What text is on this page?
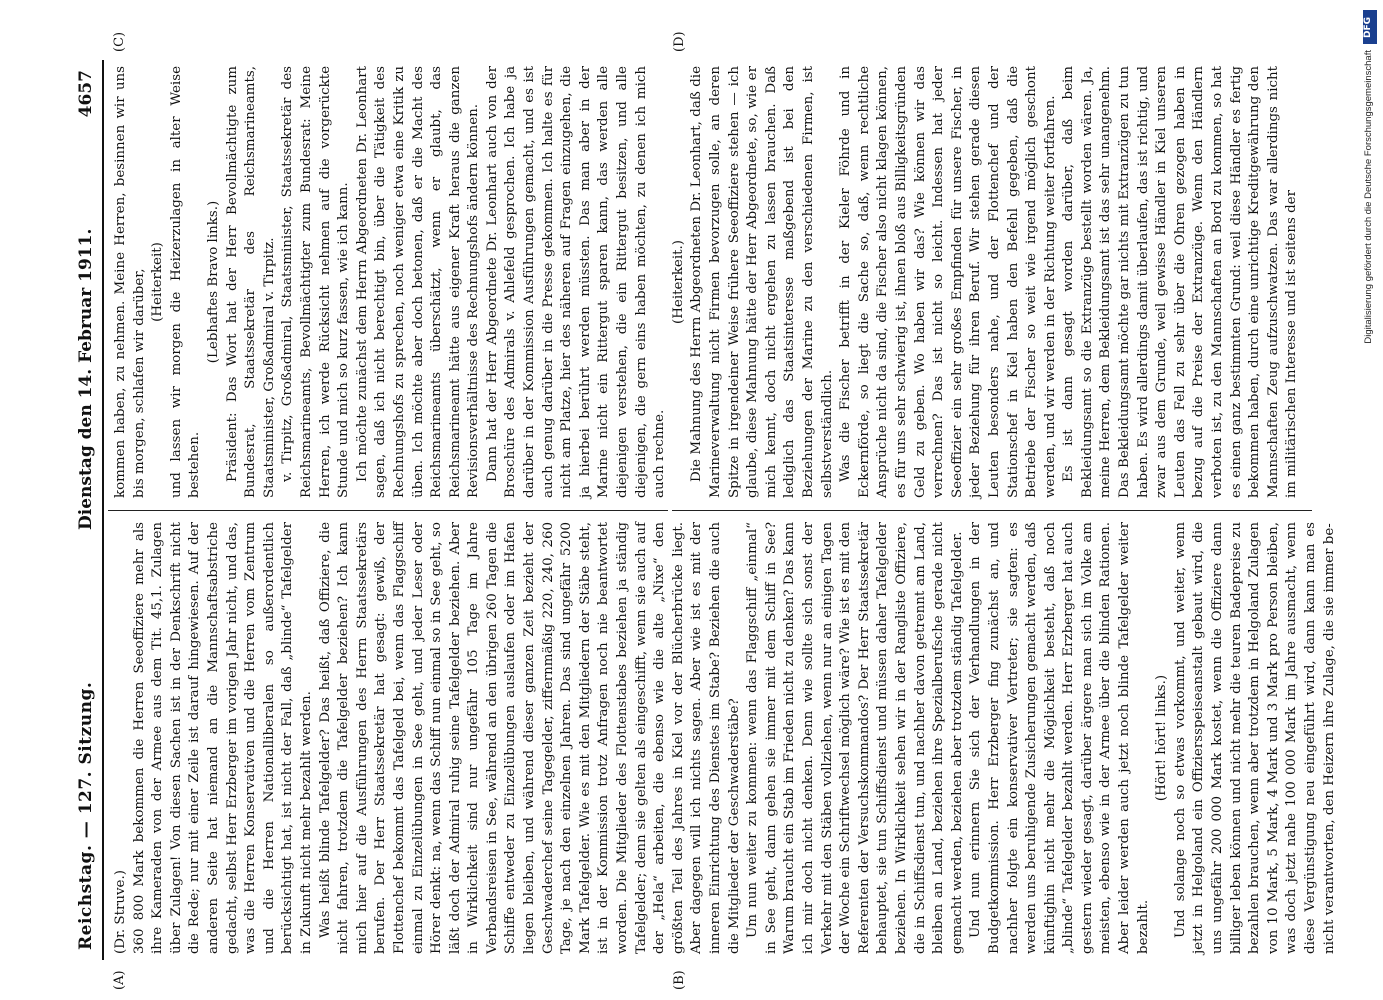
Reichstag. — 127. Sitzung.
Dienstag den 14. Februar 1911.
4657
(A)	(B)
(C)	(D)

(Dr. Struve.) 360 800 Mark bekommen die Herren Seeoffiziere mehr als ihre Kameraden von der Armee aus dem Tit. 45,1. Zulagen über Zulagen! Von diesen Sachen ist in der Denkschrift nicht die Rede; nur mit einer Zeile ist darauf hingewiesen. Auf der anderen Seite hat niemand an die Mannschaftsabstriche gedacht, selbst Herr Erzberger im vorigen Jahr nicht, und das, was die Herren Konservativen und die Herren vom Zentrum und die Herren Nationalliberalen so außerordentlich berücksichtigt hat, ist nicht der Fall, daß „blinde“ Tafelgelder in Zukunft nicht mehr bezahlt werden. Was heißt blinde Tafelgelder? Das heißt, daß Offiziere, die nicht fahren, trotzdem die Tafelgelder beziehen? Ich kann mich hier auf die Ausführungen des Herrn Staatssekretärs berufen. Der Herr Staatssekretär hat gesagt: gewiß, der Flottenchef bekommt das Tafelgeld bei, wenn das Flaggschiff einmal zu Einzelübungen in See geht, und jeder Leser oder Hörer denkt: na, wenn das Schiff nun einmal so in See geht, so läßt doch der Admiral ruhig seine Tafelgelder beziehen. Aber in Wirklichkeit sind nur ungefähr 105 Tage im Jahre Verbandsreisen in See, während an den übrigen 260 Tagen die Schiffe entweder zu Einzelübungen auslaufen oder im Hafen liegen bleiben, und während dieser ganzen Zeit bezieht der Geschwaderchef seine Tagegelder, ziffernmäßig 220, 240, 260 Tage, je nach den einzelnen Jahren. Das sind ungefähr 5200 Mark Tafelgelder. Wie es mit den Mitgliedern der Stäbe steht, ist in der Kommission trotz Anfragen noch nie beantwortet worden. Die Mitglieder des Flottenstabes beziehen ja ständig Tafelgelder; denn sie gelten als eingeschifft, wenn sie auch auf der „Hela“ arbeiten, die ebenso wie die alte „Nixe“ den größten Teil des Jahres in Kiel vor der Blücherbrücke liegt. Aber dagegen will ich nichts sagen. Aber wie ist es mit der inneren Einrichtung des Dienstes im Stabe? Beziehen die auch die Mitglieder der Geschwaderstäbe? Um nun weiter zu kommen: wenn das Flaggschiff „einmal“ in See geht, dann gehen sie immer mit dem Schiff in See? Warum braucht ein Stab im Frieden nicht zu denken? Das kann ich mir doch nicht denken. Denn wie sollte sich sonst der Verkehr mit den Stäben vollziehen, wenn nur an einigen Tagen der Woche ein Schriftwechsel möglich wäre? Wie ist es mit den Referenten der Versuchskommandos? Der Herr Staatssekretär behauptet, sie tun Schiffsdienst und müssen daher Tafelgelder beziehen. In Wirklichkeit sehen wir in der Rangliste Offiziere, die in Schiffsdienst tun, und nachher davon getrennt am Land, bleiben an Land, beziehen ihre Spezialberufsche gerade nicht gemacht werden, beziehen aber trotzdem ständig Tafelgelder. Und nun erinnern Sie sich der Verhandlungen in der Budgetkommission. Herr Erzberger fing zunächst an, und nachher folgte ein konservativer Vertreter; sie sagten: es werden uns beruhigende Zusicherungen gemacht werden, daß künftighin nicht mehr die Möglichkeit besteht, daß noch „blinde“ Tafelgelder bezahlt werden. Herr Erzberger hat auch gestern wieder gesagt, darüber ärgere man sich im Volke am meisten, ebenso wie in der Armee über die blinden Rationen. Aber leider werden auch jetzt noch blinde Tafelgelder weiter bezahlt.

(Hört! hört! links.) Und solange noch so etwas vorkommt, und weiter, wenn jetzt in Helgoland ein Offiziersspeiseanstalt gebaut wird, die uns ungefähr 200 000 Mark kostet, wenn die Offiziere dann billiger leben können und nicht mehr die teuren Badepreise zu bezahlen brauchen, wenn aber trotzdem in Helgoland Zulagen von 10 Mark, 5 Mark, 4 Mark und 3 Mark pro Person bleiben, was doch jetzt nahe 100 000 Mark im Jahre ausmacht, wenn diese Vergünstigung neu eingeführt wird, dann kann man es nicht verantworten, den Heizern ihre Zulage, die sie immer be-

kommen haben, zu nehmen. Meine Herren, besinnen wir uns bis morgen, schlafen wir darüber, (Heiterkeit) und lassen wir morgen die Heizerzulagen in alter Weise bestehen.

(Lebhaftes Bravo links.) Präsident: Das Wort hat der Herr Bevollmächtigte zum Bundesrat, Staatssekretär des Reichsmarineamts, Staatsminister, Großadmiral v. Tirpitz. v. Tirpitz, Großadmiral, Staatsminister, Staatssekretär des Reichsmarineamts, Bevollmächtigter zum Bundesrat: Meine Herren, ich werde Rücksicht nehmen auf die vorgerückte Stunde und mich so kurz fassen, wie ich kann. Ich möchte zunächst dem Herrn Abgeordneten Dr. Leonhart sagen, daß ich nicht berechtigt bin, über die Tätigkeit des Rechnungshofs zu sprechen, noch weniger etwa eine Kritik zu üben. Ich möchte aber doch betonen, daß er die Macht des Reichsmarineamts überschätzt, wenn er glaubt, das Reichsmarineamt hätte aus eigener Kraft heraus die ganzen Revisionsverhältnisse des Rechnungshofs ändern können. Dann hat der Herr Abgeordnete Dr. Leonhart auch von der Broschüre des Admirals v. Ahlefeld gesprochen. Ich habe ja darüber in der Kommission Ausführungen gemacht, und es ist auch genug darüber in die Presse gekommen. Ich halte es für nicht am Platze, hier des näheren auf Fragen einzugehen, die ja hierbei berührt werden müssten. Das man aber in der Marine nicht ein Rittergut sparen kann, das werden alle diejenigen verstehen, die ein Rittergut besitzen, und alle diejenigen, die gern eins haben möchten, zu denen ich mich auch rechne.

(Heiterkeit.) Die Mahnung des Herrn Abgeordneten Dr. Leonhart, daß die Marineverwaltung nicht Firmen bevorzugen solle, an deren Spitze in irgendeiner Weise frühere Seeoffiziere stehen — ich glaube, diese Mahnung hätte der Herr Abgeordnete, so, wie er mich kennt, doch nicht ergehen zu lassen brauchen. Daß lediglich das Staatsinteresse maßgebend ist bei den Beziehungen der Marine zu den verschiedenen Firmen, ist selbstverständlich. Was die Fischer betrifft in der Kieler Föhrde und in Eckernförde, so liegt die Sache so, daß, wenn rechtliche Ansprüche nicht da sind, die Fischer also nicht klagen können, es für uns sehr schwierig ist, ihnen bloß aus Billigkeitsgründen Geld zu geben. Wo haben wir das? Wie können wir das verrechnen? Das ist nicht so leicht. Indessen hat jeder Seeoffizier ein sehr großes Empfinden für unsere Fischer, in jeder Beziehung für ihren Beruf. Wir stehen gerade diesen Leuten besonders nahe, und der Flottenchef und der Stationschef in Kiel haben den Befehl gegeben, daß die Betriebe der Fischer so weit wie irgend möglich geschont werden, und wir werden in der Richtung weiter fortfahren. Es ist dann gesagt worden darüber, daß beim Bekleidungsamt so die Extranzüge bestellt worden wären. Ja, meine Herren, dem Bekleidungsamt ist das sehr unangenehm. Das Bekleidungsamt möchte gar nichts mit Extranzügen zu tun haben. Es wird allerdings damit überlaufen, das ist richtig, und zwar aus dem Grunde, weil gewisse Händler in Kiel unseren Leuten das Fell zu sehr über die Ohren gezogen haben in bezug auf die Preise der Extranzüge. Wenn den Händlern verboten ist, zu den Mannschaften an Bord zu kommen, so hat es einen ganz bestimmten Grund: weil diese Händler es fertig bekommen haben, durch eine unrichtige Kreditgewährung den Mannschaften Zeug aufzuschwatzen. Das war allerdings nicht im militärischen Interesse und ist seitens der

DFG
Digitalisierung gefördert durch die Deutsche Forschungsgemeinschaft
